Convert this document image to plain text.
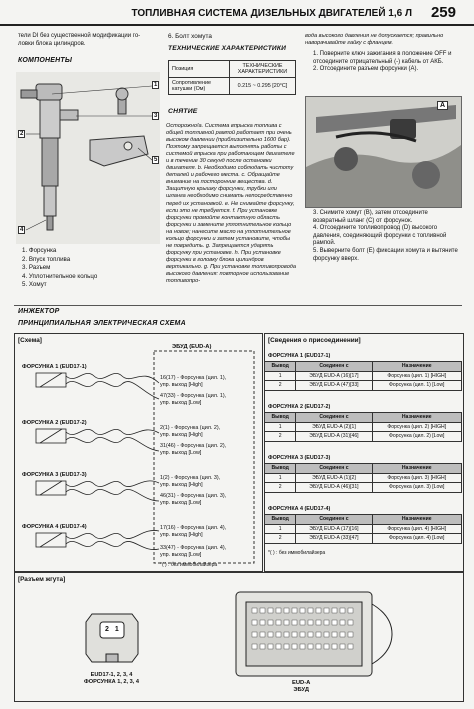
ТОПЛИВНАЯ СИСТЕМА ДИЗЕЛЬНЫХ ДВИГАТЕЛЕЙ 1,6 Л 259
тели DI без существенной модификации го-
ловки блока цилиндров.
КОМПОНЕНТЫ
1
2
3
4
5
1. Форсунка
2. Впуск топлива
3. Разъем
4. Уплотнительное кольцо
5. Хомут
6. Болт хомута
ТЕХНИЧЕСКИЕ ХАРАКТЕРИСТИКИ
Позиция	ТЕХНИЧЕСКИЕ ХАРАКТЕРИСТИКИ
Сопротивление катушки (Ом)	0.215 ~ 0.295 [20°C]
СНЯТИЕ
Осторожно!a. Система впрыска топлива с общей топливной рампой работает при очень высоком давлении (приблизительно 1600 бар). Поэтому запрещается выполнять работы с системой впрыска при работающем двигателе и в течение 30 секунд после остановки двигателя. b. Необходимо соблюдать чистоту деталей и рабочего места. c. Обращайте внимание на посторонние вещества. d. Защитную крышку форсунки, трубки или шланга необходимо снимать непосредственно перед их установкой. e. Не снимайте форсунку, если это не требуется. f. При установке форсунки промойте контактную область форсунки и замените уплотнительное кольцо на новое; нанесите масло на уплотнительное кольцо форсунки и затем установите, чтобы не повредить. g. Запрещается ударять форсунку при установке. h. При установке форсунки в головку блока цилиндров вертикально. g. При установке топливопровода высокого давления: повторное использование топливопро-
вода высокого давления не допускается; правильно наворачивайте гайку с фланцем.
1. Поверните ключ зажигания в положение OFF и отсоедините отрицательный (-) кабель от АКБ.
2. Отсоедините разъем форсунки (A).
A
3. Снимите хомут (B), затем отсоедините возвратный шланг (C) от форсунок.
4. Отсоедините топливопровод (D) высокого давления, соединяющий форсунки с топливной рампой.
5. Выверните болт (E) фиксации хомута и вытяните форсунку вверх.
ИНЖЕКТОР
ПРИНЦИПИАЛЬНАЯ ЭЛЕКТРИЧЕСКАЯ СХЕМА
[Схема]
ЭБУД (EUD-A)
ФОРСУНКА 1 (EUD17-1)
ФОРСУНКА 2 (EUD17-2)
ФОРСУНКА 3 (EUD17-3)
ФОРСУНКА 4 (EUD17-4)
16(17) - Форсунка (цил. 1),
упр. выход [High]
47(33) - Форсунка (цил. 1),
упр. выход [Low]
2(1) - Форсунка (цил. 2),
упр. выход [High]
31(46) - Форсунка (цил. 2),
упр. выход [Low]
1(2) - Форсунка (цил. 3),
упр. выход [High]
46(31) - Форсунка (цил. 3),
упр. выход [Low]
17(16) - Форсунка (цил. 4),
упр. выход [High]
33(47) - Форсунка (цил. 4),
упр. выход [Low]
*( ) : без иммобилайзера
[Сведения о присоединении]
ФОРСУНКА 1 (EUD17-1)
Вывод	Соединен с	Назначение
1	ЭБУД EUD-A (16)[17]	Форсунка (цил. 1) [HIGH]
2	ЭБУД EUD-A (47)[33]	Форсунка (цил. 1) [Low]
ФОРСУНКА 2 (EUD17-2)
Вывод	Соединен с	Назначение
1	ЭБУД EUD-A (2)[1]	Форсунка (цил. 2) [HIGH]
2	ЭБУД EUD-A (31)[46]	Форсунка (цил. 2) [Low]
ФОРСУНКА 3 (EUD17-3)
Вывод	Соединен с	Назначение
1	ЭБУД EUD-A (1)[2]	Форсунка (цил. 3) [HIGH]
2	ЭБУД EUD-A (46)[31]	Форсунка (цил. 3) [Low]
ФОРСУНКА 4 (EUD17-4)
Вывод	Соединен с	Назначение
1	ЭБУД EUD-A (17)[16]	Форсунка (цил. 4) [HIGH]
2	ЭБУД EUD-A (33)[47]	Форсунка (цил. 4) [Low]
*( ) : без иммобилайзера
[Разъем жгута]
2 1
EUD17-1, 2, 3, 4
ФОРСУНКА 1, 2, 3, 4	EUD-A
ЭБУД
